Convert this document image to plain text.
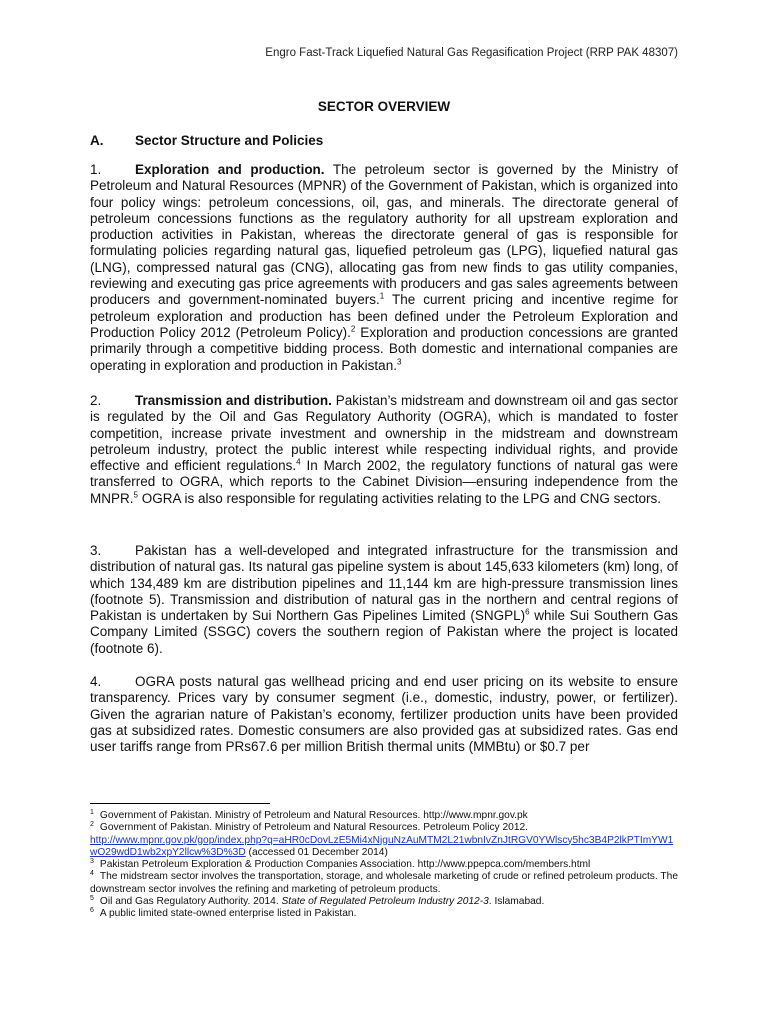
Engro Fast-Track Liquefied Natural Gas Regasification Project (RRP PAK 48307)
SECTOR OVERVIEW
A. Sector Structure and Policies

1. Exploration and production. The petroleum sector is governed by the Ministry of Petroleum and Natural Resources (MPNR) of the Government of Pakistan, which is organized into four policy wings: petroleum concessions, oil, gas, and minerals. The directorate general of petroleum concessions functions as the regulatory authority for all upstream exploration and production activities in Pakistan, whereas the directorate general of gas is responsible for formulating policies regarding natural gas, liquefied petroleum gas (LPG), liquefied natural gas (LNG), compressed natural gas (CNG), allocating gas from new finds to gas utility companies, reviewing and executing gas price agreements with producers and gas sales agreements between producers and government-nominated buyers.$^1$ The current pricing and incentive regime for petroleum exploration and production has been defined under the Petroleum Exploration and Production Policy 2012 (Petroleum Policy).$^2$ Exploration and production concessions are granted primarily through a competitive bidding process. Both domestic and international companies are operating in exploration and production in Pakistan.$^3$

2. Transmission and distribution. Pakistan’s midstream and downstream oil and gas sector is regulated by the Oil and Gas Regulatory Authority (OGRA), which is mandated to foster competition, increase private investment and ownership in the midstream and downstream petroleum industry, protect the public interest while respecting individual rights, and provide effective and efficient regulations.$^4$ In March 2002, the regulatory functions of natural gas were transferred to OGRA, which reports to the Cabinet Division—ensuring independence from the MNPR.$^5$ OGRA is also responsible for regulating activities relating to the LPG and CNG sectors.

3. Pakistan has a well-developed and integrated infrastructure for the transmission and distribution of natural gas. Its natural gas pipeline system is about 145,633 kilometers (km) long, of which 134,489 km are distribution pipelines and 11,144 km are high-pressure transmission lines (footnote 5). Transmission and distribution of natural gas in the northern and central regions of Pakistan is undertaken by Sui Northern Gas Pipelines Limited (SNGPL)$^6$ while Sui Southern Gas Company Limited (SSGC) covers the southern region of Pakistan where the project is located (footnote 6).

4. OGRA posts natural gas wellhead pricing and end user pricing on its website to ensure transparency. Prices vary by consumer segment (i.e., domestic, industry, power, or fertilizer). Given the agrarian nature of Pakistan’s economy, fertilizer production units have been provided gas at subsidized rates. Domestic consumers are also provided gas at subsidized rates. Gas end user tariffs range from PRs67.6 per million British thermal units (MMBtu) or $0.7 per

$^1$ Government of Pakistan. Ministry of Petroleum and Natural Resources. http://www.mpnr.gov.pk

$^2$ Government of Pakistan. Ministry of Petroleum and Natural Resources. Petroleum Policy 2012.
http://www.mpnr.gov.pk/gop/index.php?q=aHR0cDovLzE5Mi4xNjguNzAuMTM2L21wbnIvZnJtRGV0YWlscy5hc3B4P2lkPTImYW1wO29wdD1wb2xpY2llcw%3D%3D (accessed 01 December 2014)

$^3$ Pakistan Petroleum Exploration & Production Companies Association. http://www.ppepca.com/members.html

$^4$ The midstream sector involves the transportation, storage, and wholesale marketing of crude or refined petroleum products. The downstream sector involves the refining and marketing of petroleum products.

$^5$ Oil and Gas Regulatory Authority. 2014. State of Regulated Petroleum Industry 2012-3. Islamabad.

$^6$ A public limited state-owned enterprise listed in Pakistan.
